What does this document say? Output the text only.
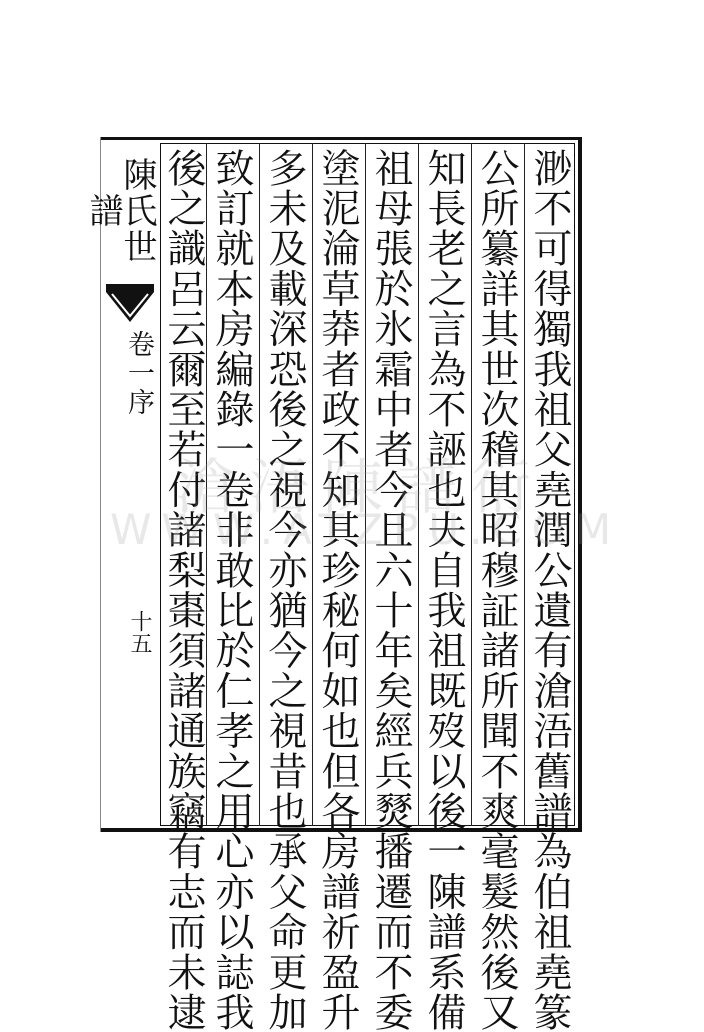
渺不可得獨我祖父堯潤公遺有滄浯舊譜為伯祖堯篆
公所纂詳其世次稽其昭穆証諸所聞不爽毫髮然後又
知長老之言為不誣也夫自我祖既歿以後一陳譜系備
祖母張於氷霜中者今且六十年矣經兵燹播遷而不委
塗泥淪草莽者政不知其珍秘何如也但各房譜祈盈升
多未及載深恐後之視今亦猶今之視昔也承父命更加
致訂就本房編錄一卷非敢比於仁孝之用心亦以誌我
後之識呂云爾至若付諸梨棗須諸通族竊有志而未逮
陳氏世譜
卷一序
十五
滄浯陳譜衍
WWW.ATZPU.COM
